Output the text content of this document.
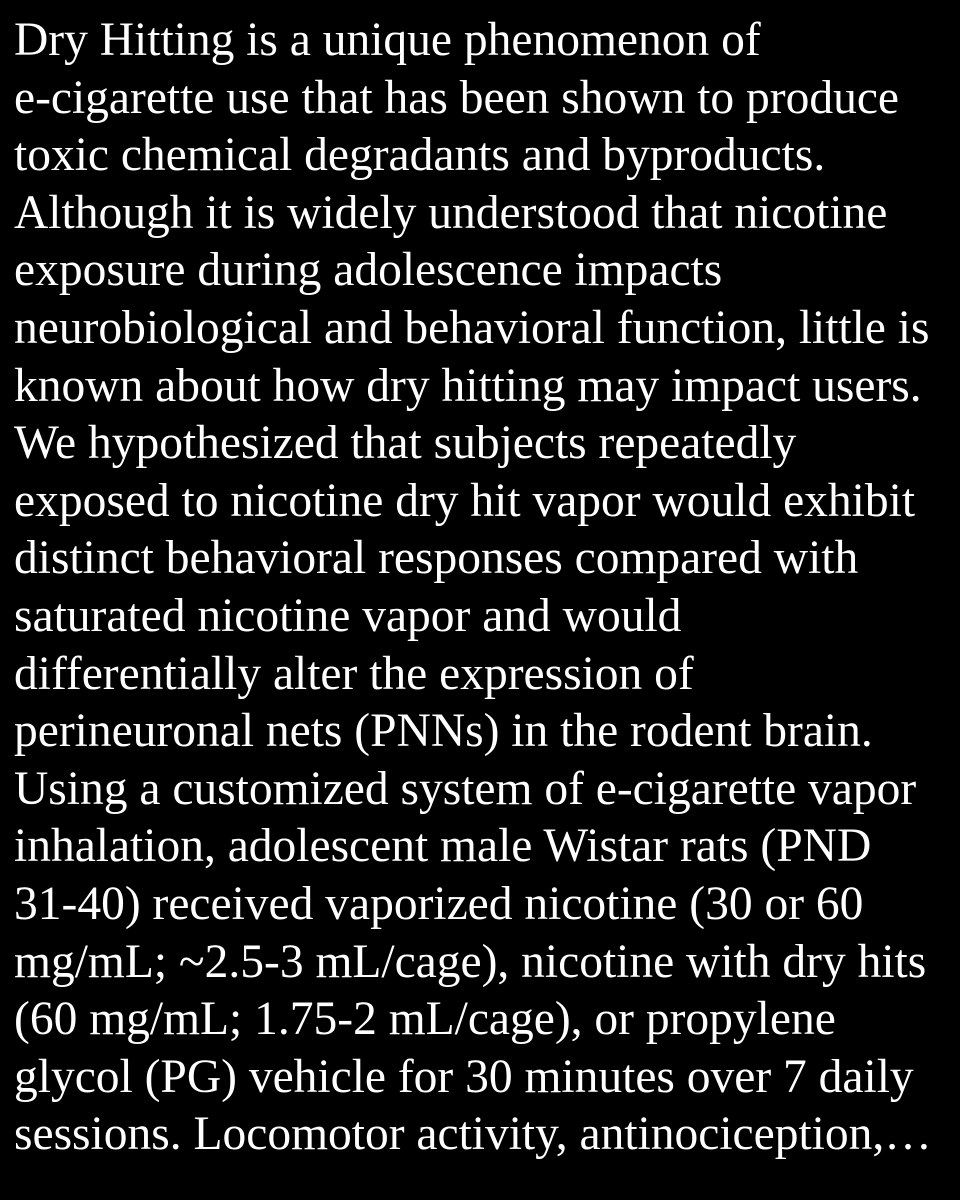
Dry Hitting is a unique phenomenon of
e-cigarette use that has been shown to produce
toxic chemical degradants and byproducts.
Although it is widely understood that nicotine
exposure during adolescence impacts
neurobiological and behavioral function, little is
known about how dry hitting may impact users.
We hypothesized that subjects repeatedly
exposed to nicotine dry hit vapor would exhibit
distinct behavioral responses compared with
saturated nicotine vapor and would
differentially alter the expression of
perineuronal nets (PNNs) in the rodent brain.
Using a customized system of e-cigarette vapor
inhalation, adolescent male Wistar rats (PND
31-40) received vaporized nicotine (30 or 60
mg/mL; ~2.5-3 mL/cage), nicotine with dry hits
(60 mg/mL; 1.75-2 mL/cage), or propylene
glycol (PG) vehicle for 30 minutes over 7 daily
sessions. Locomotor activity, antinociception,…
